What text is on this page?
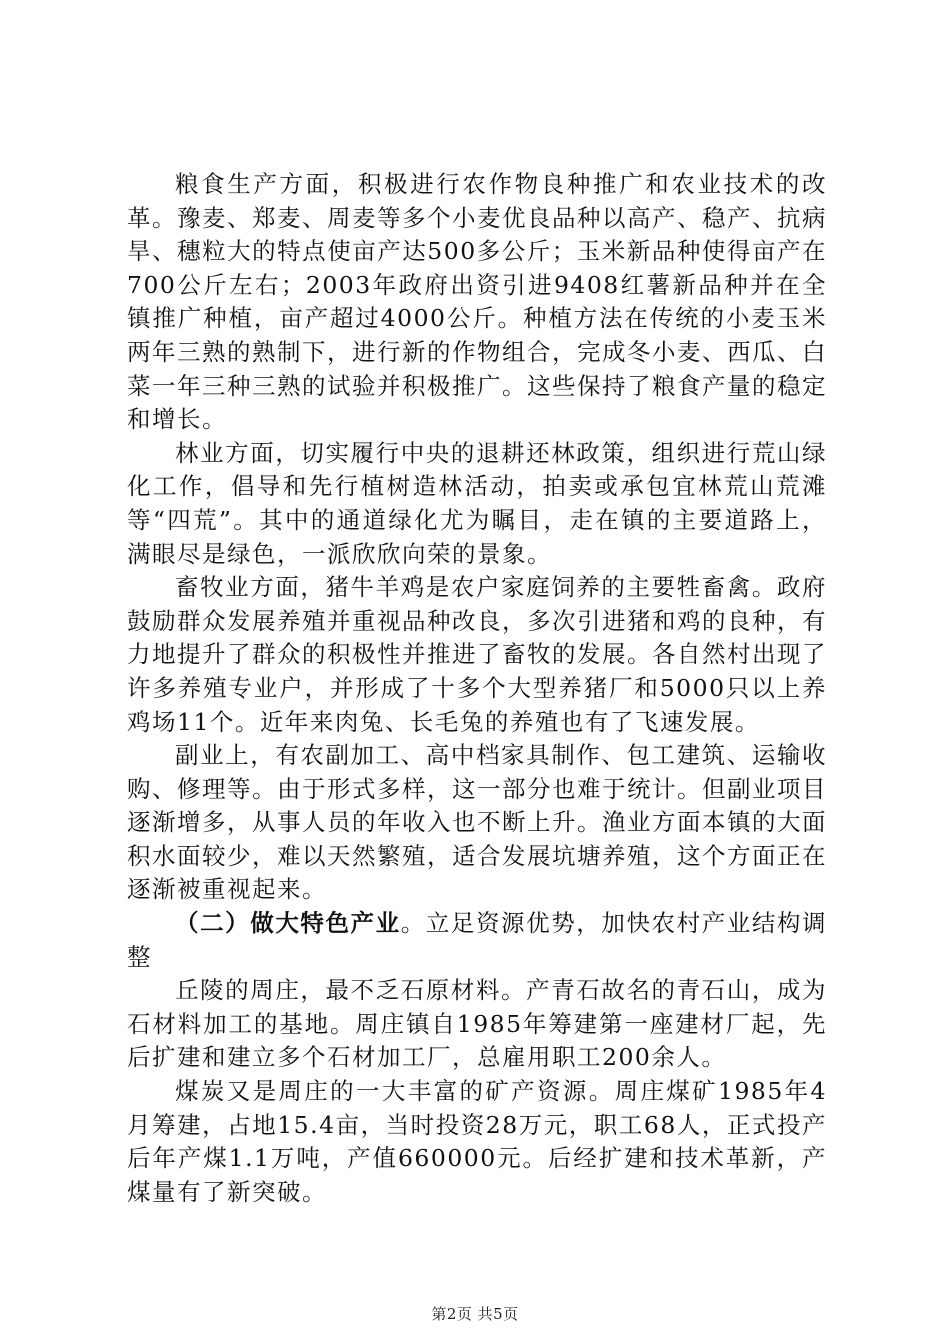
粮食生产方面，积极进行农作物良种推广和农业技术的改革。豫麦、郑麦、周麦等多个小麦优良品种以高产、稳产、抗病旱、穗粒大的特点使亩产达500多公斤；玉米新品种使得亩产在700公斤左右；2003年政府出资引进9408红薯新品种并在全镇推广种植，亩产超过4000公斤。种植方法在传统的小麦玉米两年三熟的熟制下，进行新的作物组合，完成冬小麦、西瓜、白菜一年三种三熟的试验并积极推广。这些保持了粮食产量的稳定和增长。

林业方面，切实履行中央的退耕还林政策，组织进行荒山绿化工作，倡导和先行植树造林活动，拍卖或承包宜林荒山荒滩等“四荒”。其中的通道绿化尤为瞩目，走在镇的主要道路上，满眼尽是绿色，一派欣欣向荣的景象。

畜牧业方面，猪牛羊鸡是农户家庭饲养的主要牲畜禽。政府鼓励群众发展养殖并重视品种改良，多次引进猪和鸡的良种，有力地提升了群众的积极性并推进了畜牧的发展。各自然村出现了许多养殖专业户，并形成了十多个大型养猪厂和5000只以上养鸡场11个。近年来肉兔、长毛兔的养殖也有了飞速发展。

副业上，有农副加工、高中档家具制作、包工建筑、运输收购、修理等。由于形式多样，这一部分也难于统计。但副业项目逐渐增多，从事人员的年收入也不断上升。渔业方面本镇的大面积水面较少，难以天然繁殖，适合发展坑塘养殖，这个方面正在逐渐被重视起来。

（二）做大特色产业。立足资源优势，加快农村产业结构调整

丘陵的周庄，最不乏石原材料。产青石故名的青石山，成为石材料加工的基地。周庄镇自1985年筹建第一座建材厂起，先后扩建和建立多个石材加工厂，总雇用职工200余人。

煤炭又是周庄的一大丰富的矿产资源。周庄煤矿1985年4月筹建，占地15.4亩，当时投资28万元，职工68人，正式投产后年产煤1.1万吨，产值660000元。后经扩建和技术革新，产煤量有了新突破。

第2页 共5页
